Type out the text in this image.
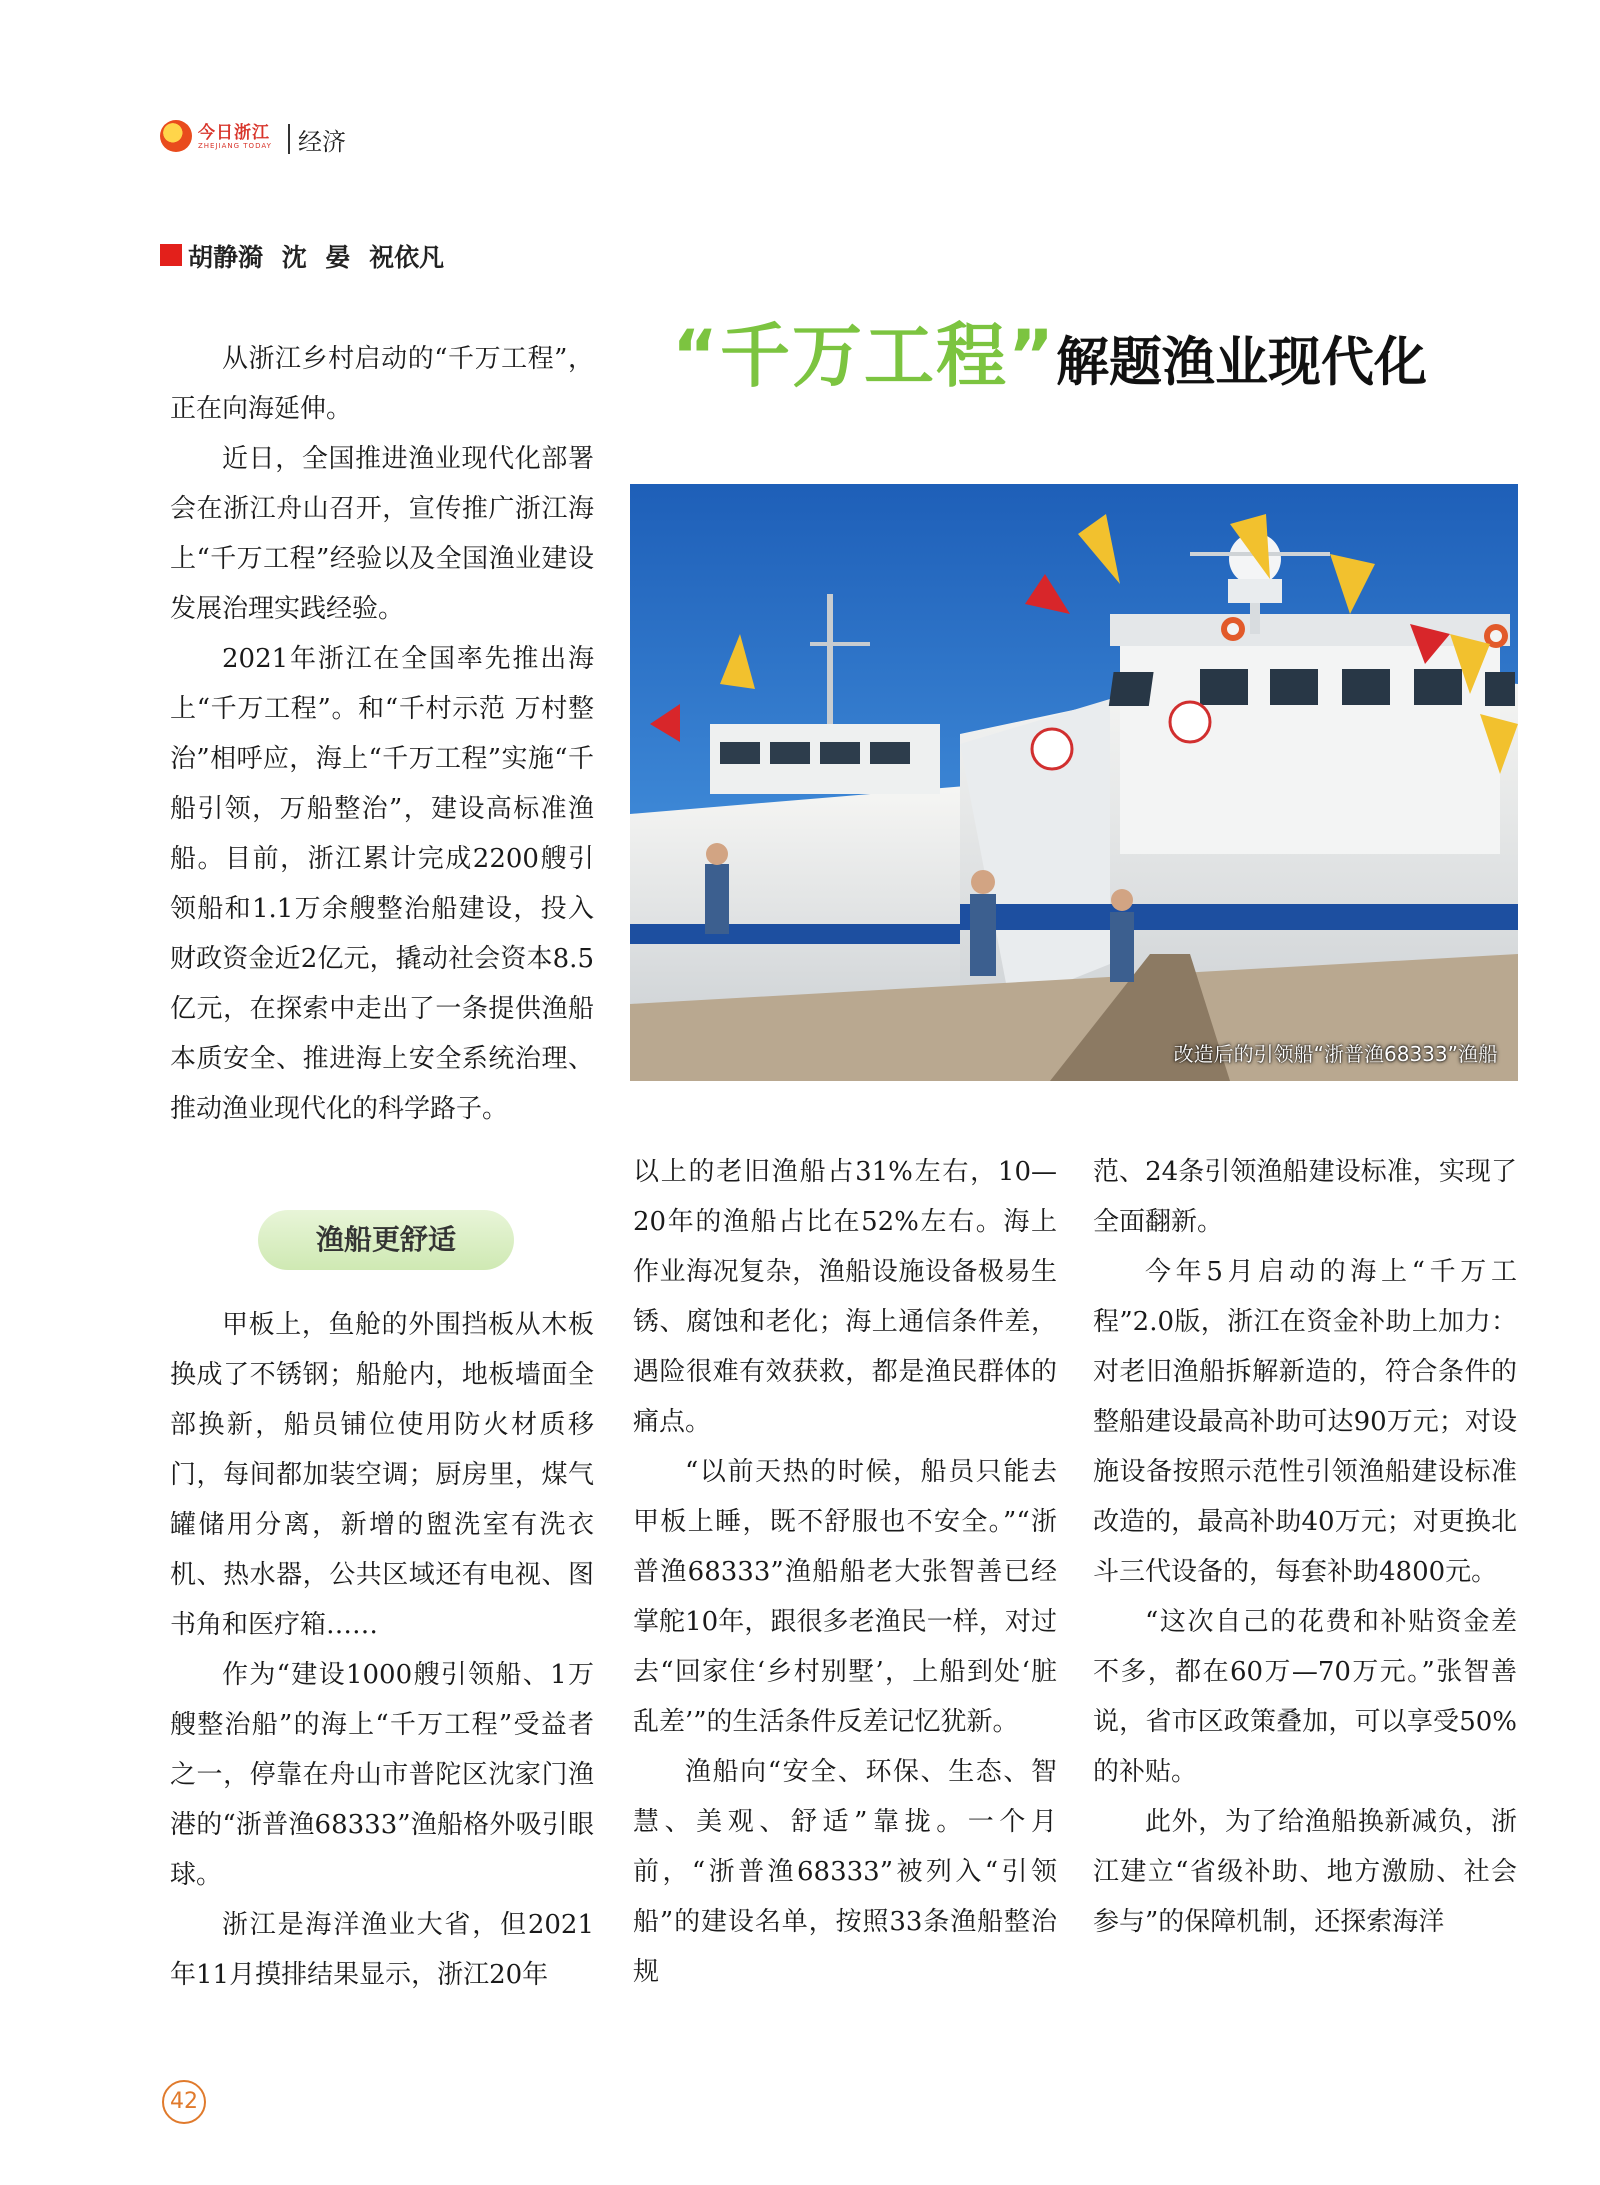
今日浙江
ZHEJIANG TODAY 经济
胡静漪 沈 晏 祝依凡
“千万工程”解题渔业现代化
改造后的引领船“浙普渔68333”渔船

从浙江乡村启动的“千万工程”，正在向海延伸。

近日，全国推进渔业现代化部署会在浙江舟山召开，宣传推广浙江海上“千万工程”经验以及全国渔业建设发展治理实践经验。

2021年浙江在全国率先推出海上“千万工程”。和“千村示范 万村整治”相呼应，海上“千万工程”实施“千船引领，万船整治”，建设高标准渔船。目前，浙江累计完成2200艘引领船和1.1万余艘整治船建设，投入财政资金近2亿元，撬动社会资本8.5亿元，在探索中走出了一条提供渔船本质安全、推进海上安全系统治理、推动渔业现代化的科学路子。

渔船更舒适

甲板上，鱼舱的外围挡板从木板换成了不锈钢；船舱内，地板墙面全部换新，船员铺位使用防火材质移门，每间都加装空调；厨房里，煤气罐储用分离，新增的盥洗室有洗衣机、热水器，公共区域还有电视、图书角和医疗箱……

作为“建设1000艘引领船、1万艘整治船”的海上“千万工程”受益者之一，停靠在舟山市普陀区沈家门渔港的“浙普渔68333”渔船格外吸引眼球。

浙江是海洋渔业大省，但2021年11月摸排结果显示，浙江20年

以上的老旧渔船占31%左右，10—20年的渔船占比在52%左右。海上作业海况复杂，渔船设施设备极易生锈、腐蚀和老化；海上通信条件差，遇险很难有效获救，都是渔民群体的痛点。

“以前天热的时候，船员只能去甲板上睡，既不舒服也不安全。”“浙普渔68333”渔船船老大张智善已经掌舵10年，跟很多老渔民一样，对过去“回家住‘乡村别墅’，上船到处‘脏乱差’”的生活条件反差记忆犹新。

渔船向“安全、环保、生态、智慧、美观、舒适”靠拢。一个月前，“浙普渔68333”被列入“引领船”的建设名单，按照33条渔船整治规

范、24条引领渔船建设标准，实现了全面翻新。

今年5月启动的海上“千万工程”2.0版，浙江在资金补助上加力：对老旧渔船拆解新造的，符合条件的整船建设最高补助可达90万元；对设施设备按照示范性引领渔船建设标准改造的，最高补助40万元；对更换北斗三代设备的，每套补助4800元。

“这次自己的花费和补贴资金差不多，都在60万—70万元。”张智善说，省市区政策叠加，可以享受50%的补贴。

此外，为了给渔船换新减负，浙江建立“省级补助、地方激励、社会参与”的保障机制，还探索海洋

42
